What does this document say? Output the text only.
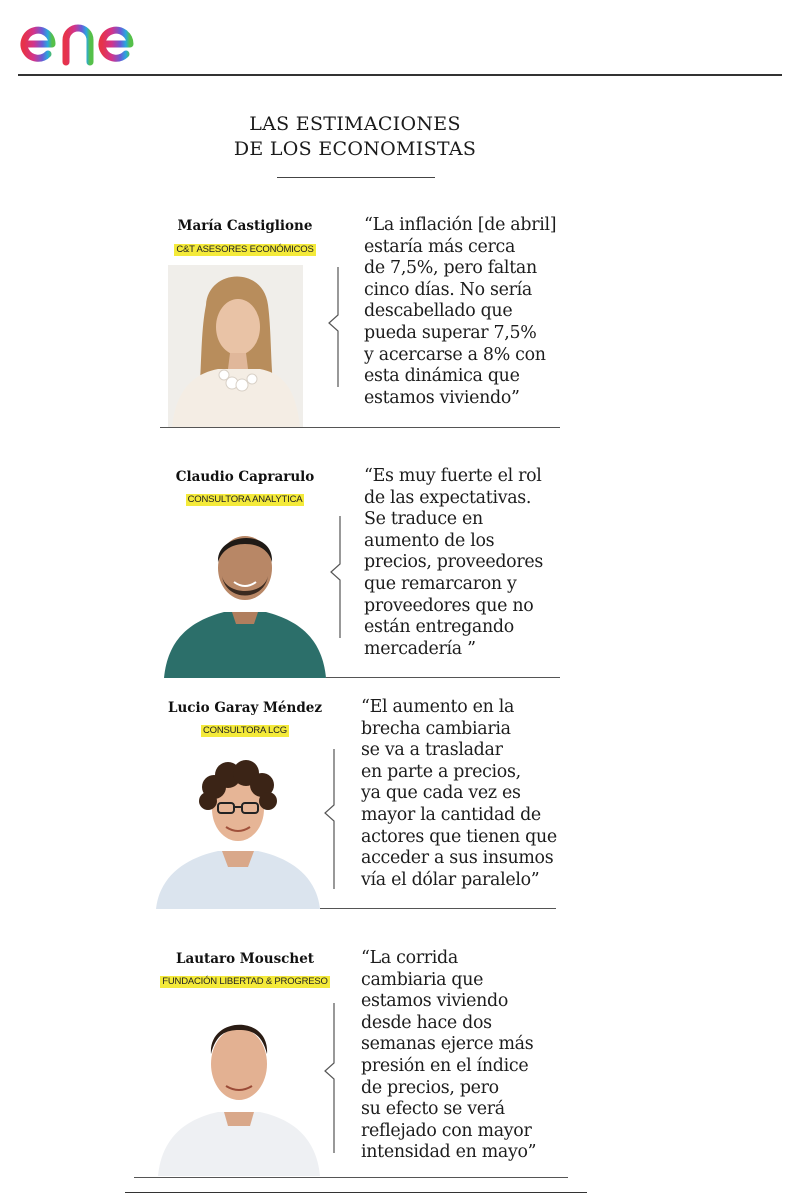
LAS ESTIMACIONES
DE LOS ECONOMISTAS
María Castiglione
C&T ASESORES ECONÓMICOS
“La inflación [de abril]
estaría más cerca
de 7,5%, pero faltan
cinco días. No sería
descabellado que
pueda superar 7,5%
y acercarse a 8% con
esta dinámica que
estamos viviendo”
Claudio Caprarulo
CONSULTORA ANALYTICA
“Es muy fuerte el rol
de las expectativas.
Se traduce en
aumento de los
precios, proveedores
que remarcaron y
proveedores que no
están entregando
mercadería ”
Lucio Garay Méndez
CONSULTORA LCG
“El aumento en la
brecha cambiaria
se va a trasladar
en parte a precios,
ya que cada vez es
mayor la cantidad de
actores que tienen que
acceder a sus insumos
vía el dólar paralelo”
Lautaro Mouschet
FUNDACIÓN LIBERTAD & PROGRESO
“La corrida
cambiaria que
estamos viviendo
desde hace dos
semanas ejerce más
presión en el índice
de precios, pero
su efecto se verá
reflejado con mayor
intensidad en mayo”
